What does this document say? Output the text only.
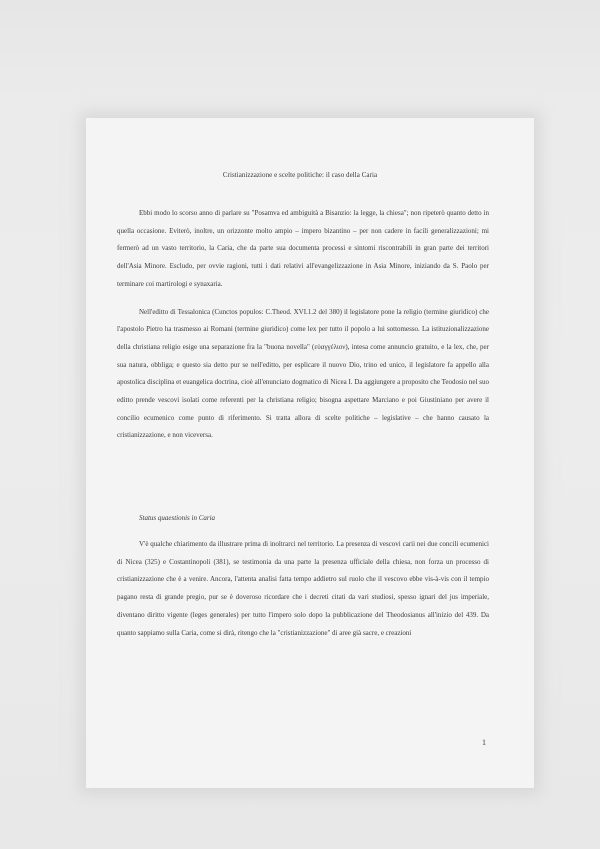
Cristianizzazione e scelte politiche: il caso della Caria

Ebbi modo lo scorso anno di parlare su "Posamva ed ambiguità a Bisanzio: la legge, la chiesa"; non ripeterò quanto detto in quella occasione. Eviterò, inoltre, un orizzonte molto ampio – impero bizantino – per non cadere in facili generalizzazioni; mi fermerò ad un vasto territorio, la Caria, che da parte sua documenta processi e sintomi riscontrabili in gran parte dei territori dell'Asia Minore. Escludo, per ovvie ragioni, tutti i dati relativi all'evangelizzazione in Asia Minore, iniziando da S. Paolo per terminare coi martirologi e synaxaria.

Nell'editto di Tessalonica (Cunctos populos: C.Theod. XVI.1.2 del 380) il legislatore pone la religio (termine giuridico) che l'apostolo Pietro ha trasmesso ai Romani (termine giuridico) come lex per tutto il popolo a lui sottomesso. La istituzionalizzazione della christiana religio esige una separazione fra la "buona novella" (εὐαγγέλιον), intesa come annuncio gratuito, e la lex, che, per sua natura, obbliga; e questo sia detto pur se nell'editto, per esplicare il nuovo Dio, trino ed unico, il legislatore fa appello alla apostolica disciplina et euangelica doctrina, cioè all'enunciato dogmatico di Nicea I. Da aggiungere a proposito che Teodosio nel suo editto prende vescovi isolati come referenti per la christiana religio; bisogna aspettare Marciano e poi Giustiniano per avere il concilio ecumenico come punto di riferimento. Si tratta allora di scelte politiche – legislative – che hanno causato la cristianizzazione, e non viceversa.

Status quaestionis in Caria

V'è qualche chiarimento da illustrare prima di inoltrarci nel territorio. La presenza di vescovi carii nei due concili ecumenici di Nicea (325) e Costantinopoli (381), se testimonia da una parte la presenza ufficiale della chiesa, non forza un processo di cristianizzazione che è a venire. Ancora, l'attenta analisi fatta tempo addietro sul ruolo che il vescovo ebbe vis-à-vis con il tempio pagano resta di grande pregio, pur se è doveroso ricordare che i decreti citati da vari studiosi, spesso ignari del jus imperiale, diventano diritto vigente (leges generales) per tutto l'impero solo dopo la pubblicazione del Theodosianus all'inizio del 439. Da quanto sappiamo sulla Caria, come si dirà, ritengo che la "cristianizzazione" di aree già sacre, e creazioni

1
